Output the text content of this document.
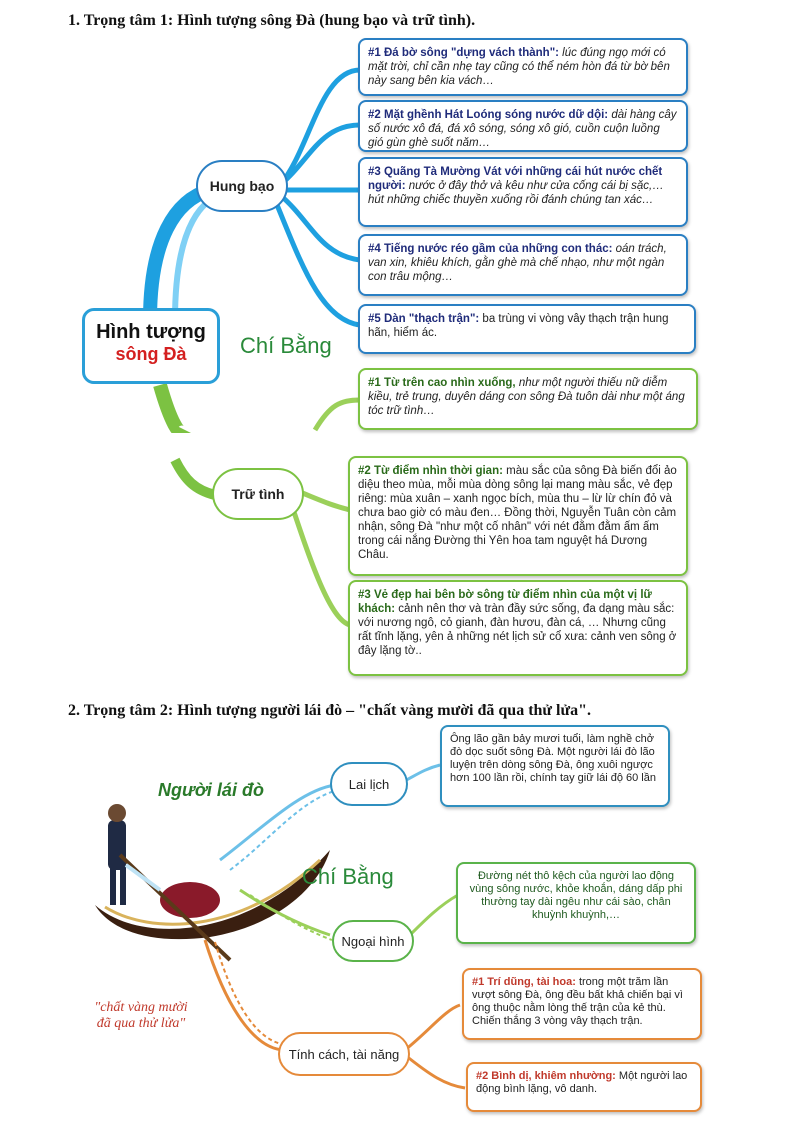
1. Trọng tâm 1: Hình tượng sông Đà (hung bạo và trữ tình).
Hình tượng
sông Đà	Chí Bằng
Hung bạo
#1 Đá bờ sông "dựng vách thành": lúc đúng ngọ mới có mặt trời, chỉ cần nhẹ tay cũng có thể ném hòn đá từ bờ bên này sang bên kia vách…
#2 Mặt ghềnh Hát Loóng sóng nước dữ dội: dài hàng cây số nước xô đá, đá xô sóng, sóng xô gió, cuồn cuộn luồng gió gùn ghè suốt năm…
#3 Quãng Tà Mường Vát với những cái hút nước chết người: nước ở đây thở và kêu như cửa cống cái bị sặc,…hút những chiếc thuyền xuống rồi đánh chúng tan xác…
#4 Tiếng nước réo gầm của những con thác: oán trách, van xin, khiêu khích, gằn ghè mà chế nhạo, như một ngàn con trâu mộng…
#5 Dàn "thạch trận": ba trùng vi vòng vây thạch trận hung hãn, hiểm ác.
Trữ tình
#1 Từ trên cao nhìn xuống, như một người thiếu nữ diễm kiều, trẻ trung, duyên dáng con sông Đà tuôn dài như một áng tóc trữ tình…
#2 Từ điểm nhìn thời gian: màu sắc của sông Đà biến đổi ảo diệu theo mùa, mỗi mùa dòng sông lại mang màu sắc, vẻ đẹp riêng: mùa xuân – xanh ngọc bích, mùa thu – lừ lừ chín đỏ và chưa bao giờ có màu đen… Đồng thời, Nguyễn Tuân còn cảm nhận, sông Đà "như một cố nhân" với nét đằm đằm ấm ấm trong cái nắng Đường thi Yên hoa tam nguyệt há Dương Châu.
#3 Vẻ đẹp hai bên bờ sông từ điểm nhìn của một vị lữ khách: cảnh nên thơ và tràn đầy sức sống, đa dạng màu sắc: với nương ngô, cỏ gianh, đàn hươu, đàn cá, … Nhưng cũng rất tĩnh lặng, yên ả những nét lịch sử cổ xưa: cảnh ven sông ở đây lặng tờ..
2. Trọng tâm 2: Hình tượng người lái đò – "chất vàng mười đã qua thử lửa".
Người lái đò
Chí Bằng
"chất vàng mười
đã qua thử lửa"
Lai lịch
Ông lão gần bảy mươi tuổi, làm nghề chở đò dọc suốt sông Đà. Một người lái đò lão luyện trên dòng sông Đà, ông xuôi ngược hơn 100 lần rồi, chính tay giữ lái độ 60 lần
Ngoại hình
Đường nét thô kệch của người lao động vùng sông nước, khỏe khoắn, dáng dấp phi thường tay dài ngêu như cái sào, chân khuỳnh khuỳnh,…
Tính cách, tài năng
#1 Trí dũng, tài hoa: trong một trăm lần vượt sông Đà, ông đều bất khả chiến bại vì ông thuộc nằm lòng thế trận của kẻ thù. Chiến thắng 3 vòng vây thạch trận.
#2 Bình dị, khiêm nhường: Một người lao động bình lặng, vô danh.
